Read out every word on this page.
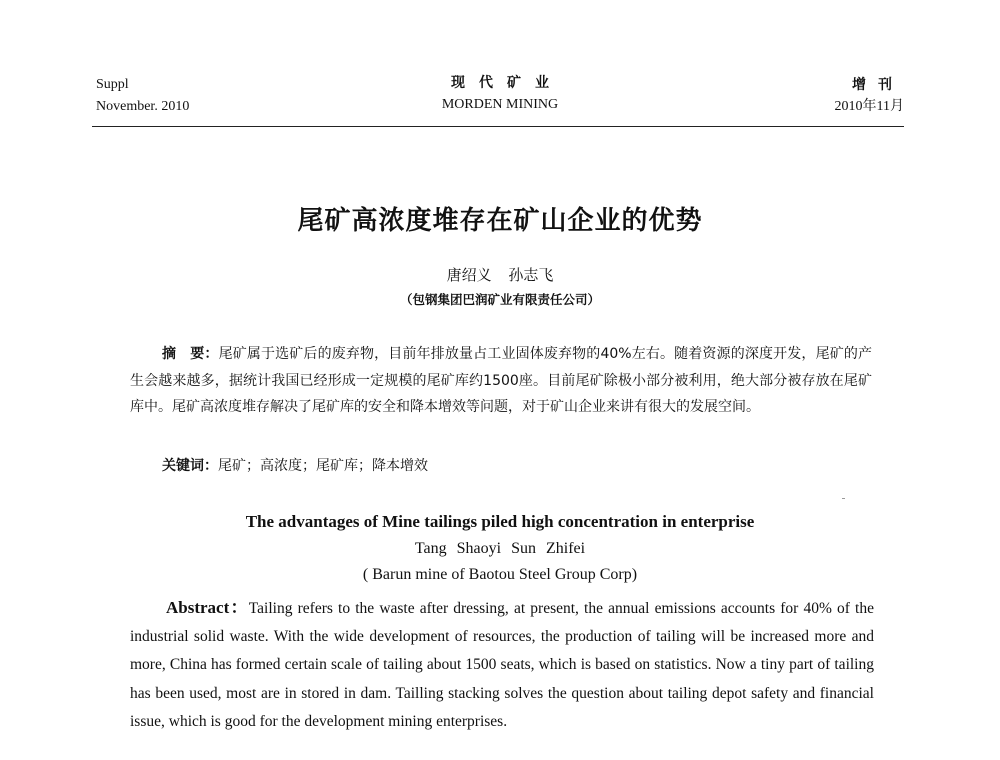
Suppl
November. 2010
现代矿业
MORDEN MINING
增刊
2010年11月
尾矿高浓度堆存在矿山企业的优势
唐绍义 孙志飞
（包钢集团巴润矿业有限责任公司）
摘　要：尾矿属于选矿后的废弃物，目前年排放量占工业固体废弃物的40%左右。随着资源的深度开发，尾矿的产生会越来越多，据统计我国已经形成一定规模的尾矿库约1500座。目前尾矿除极小部分被利用，绝大部分被存放在尾矿库中。尾矿高浓度堆存解决了尾矿库的安全和降本增效等问题，对于矿山企业来讲有很大的发展空间。
关键词：尾矿；高浓度；尾矿库；降本增效
The advantages of Mine tailings piled high concentration in enterprise
Tang Shaoyi Sun Zhifei
( Barun mine of Baotou Steel Group Corp)
Abstract：Tailing refers to the waste after dressing, at present, the annual emissions accounts for 40% of the industrial solid waste. With the wide development of resources, the production of tailing will be increased more and more, China has formed certain scale of tailing about 1500 seats, which is based on statistics. Now a tiny part of tailing has been used, most are in stored in dam. Tailling stacking solves the question about tailing depot safety and financial issue, which is good for the development mining enterprises.
